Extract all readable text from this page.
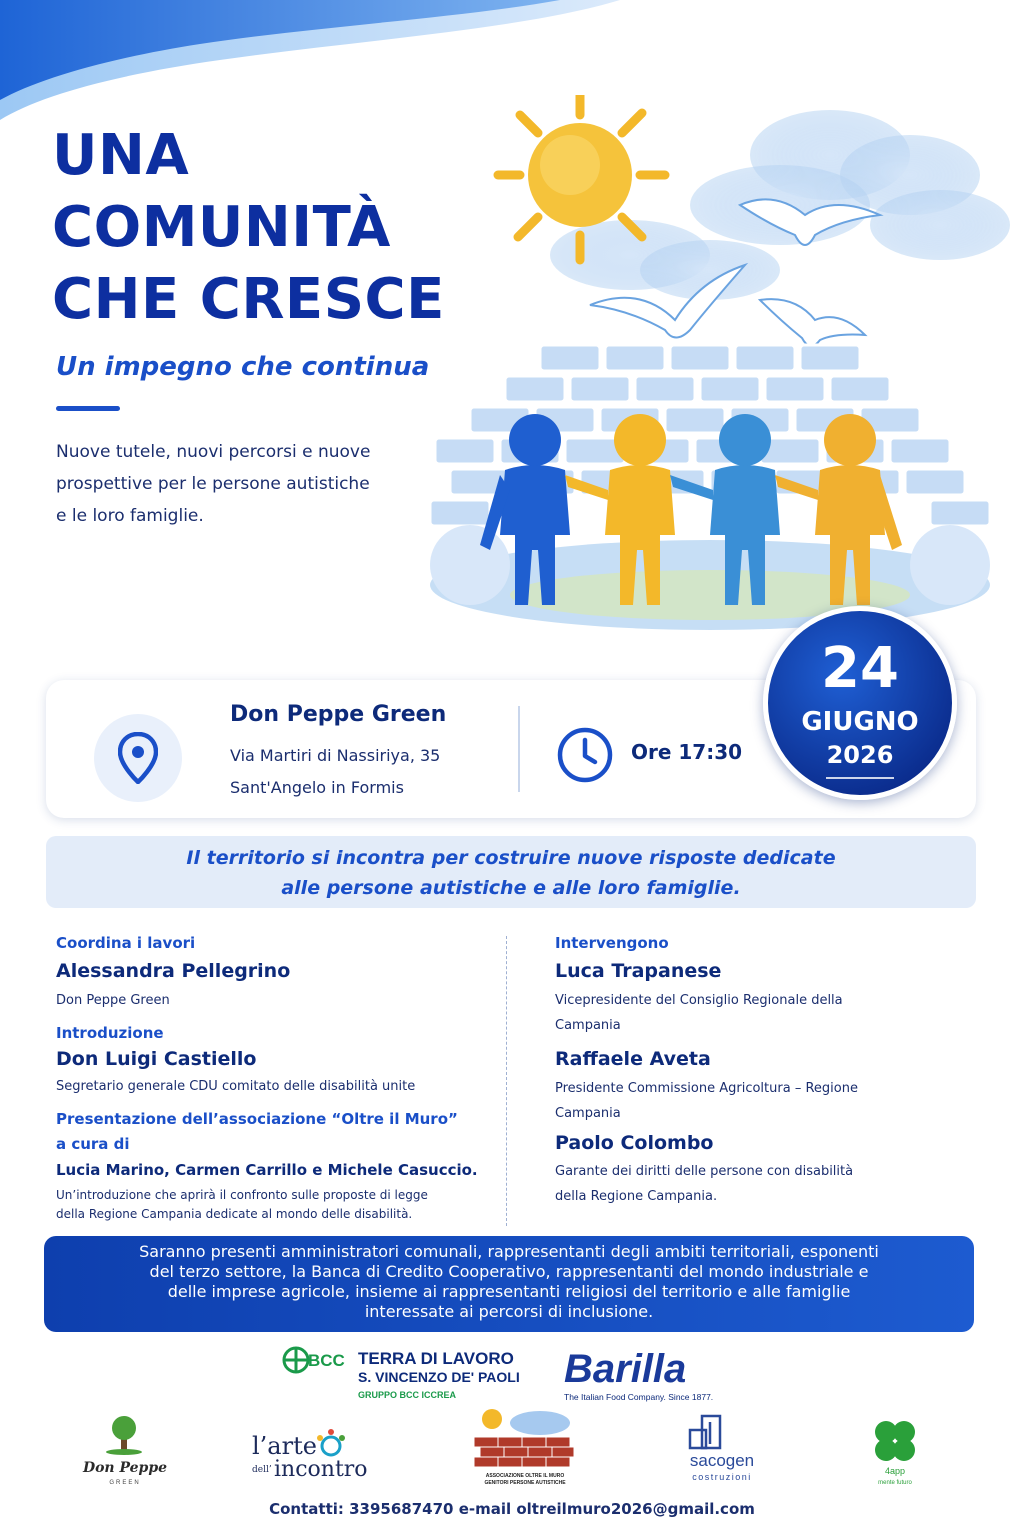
UNA
COMUNITÀ
CHE CRESCE
Un impegno che continua
Nuove tutele, nuovi percorsi e nuove
prospettive per le persone autistiche
e le loro famiglie.
Don Peppe Green
Via Martiri di Nassiriya, 35
Sant'Angelo in Formis
Ore 17:30
24
GIUGNO
2026
Il territorio si incontra per costruire nuove risposte dedicate
alle persone autistiche e alle loro famiglie.
Coordina i lavori
Alessandra Pellegrino
Don Peppe Green
Introduzione
Don Luigi Castiello
Segretario generale CDU comitato delle disabilità unite
Presentazione dell’associazione “Oltre il Muro”
a cura di
Lucia Marino, Carmen Carrillo e Michele Casuccio.
Un’introduzione che aprirà il confronto sulle proposte di legge
della Regione Campania dedicate al mondo delle disabilità.
Intervengono
Luca Trapanese
Vicepresidente del Consiglio Regionale della
Campania
Raffaele Aveta
Presidente Commissione Agricoltura – Regione
Campania
Paolo Colombo
Garante dei diritti delle persone con disabilità
della Regione Campania.
Saranno presenti amministratori comunali, rappresentanti degli ambiti territoriali, esponenti
del terzo settore, la Banca di Credito Cooperativo, rappresentanti del mondo industriale e
delle imprese agricole, insieme ai rappresentanti religiosi del territorio e alle famiglie
interessate ai percorsi di inclusione.
BCC TERRA DI LAVORO
S. VINCENZO DE' PAOLI
GRUPPO BCC ICCREA
Barilla
The Italian Food Company. Since 1877.
Don Peppe
GREEN
l’arte
dell’ incontro	ASSOCIAZIONE OLTRE IL MURO
GENITORI PERSONE AUTISTICHE
sacogen
costruzioni
4app
mente futuro
Contatti: 3395687470 e-mail oltreilmuro2026@gmail.com
